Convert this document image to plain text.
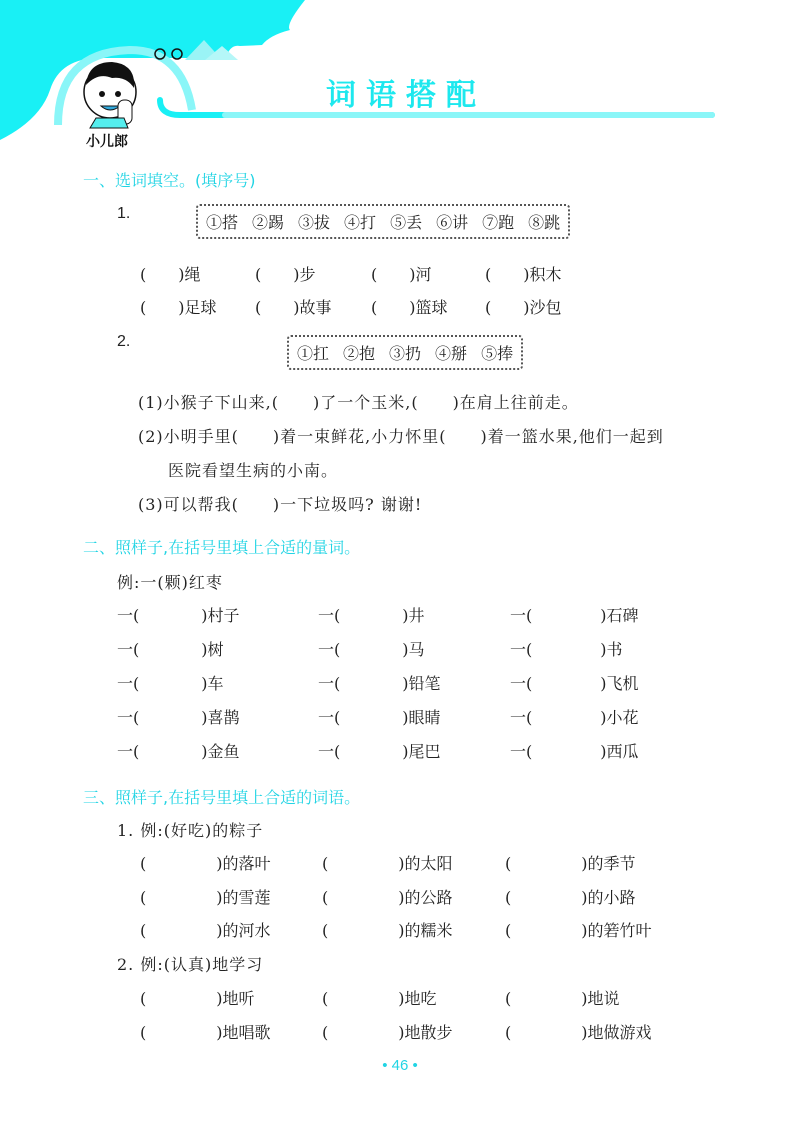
词语搭配
小儿郎
一、选词填空。(填序号)
1.	①搭 ②踢 ③拔 ④打 ⑤丢 ⑥讲 ⑦跑 ⑧跳
(　　)绳	(　　)步	(　　)河	(　　)积木
(　　)足球 (　　)故事 (　　)篮球 (　　)沙包
2.
①扛 ②抱 ③扔 ④掰 ⑤捧
(1)小猴子下山来,(　　)了一个玉米,(　　)在肩上往前走。
(2)小明手里(　　)着一束鲜花,小力怀里(　　)着一篮水果,他们一起到
医院看望生病的小南。
(3)可以帮我(　　)一下垃圾吗? 谢谢!
二、照样子,在括号里填上合适的量词。
例:一(颗)红枣
一(	)村子	一(	)井	一(	)石碑
一(	)树	一(	)马	一(	)书
一(	)车	一(	)铅笔	一(	)飞机
一(	)喜鹊	一(	)眼睛	一(	)小花
一(	)金鱼	一(	)尾巴	一(	)西瓜
三、照样子,在括号里填上合适的词语。
1. 例:(好吃)的粽子
(	)的落叶	(	)的太阳	(	)的季节
(	)的雪莲	(	)的公路	(	)的小路
(	)的河水	(	)的糯米	(	)的箬竹叶
2. 例:(认真)地学习
(	)地听	(	)地吃	(	)地说
(	)地唱歌	(	)地散步	(	)地做游戏
• 46 •
